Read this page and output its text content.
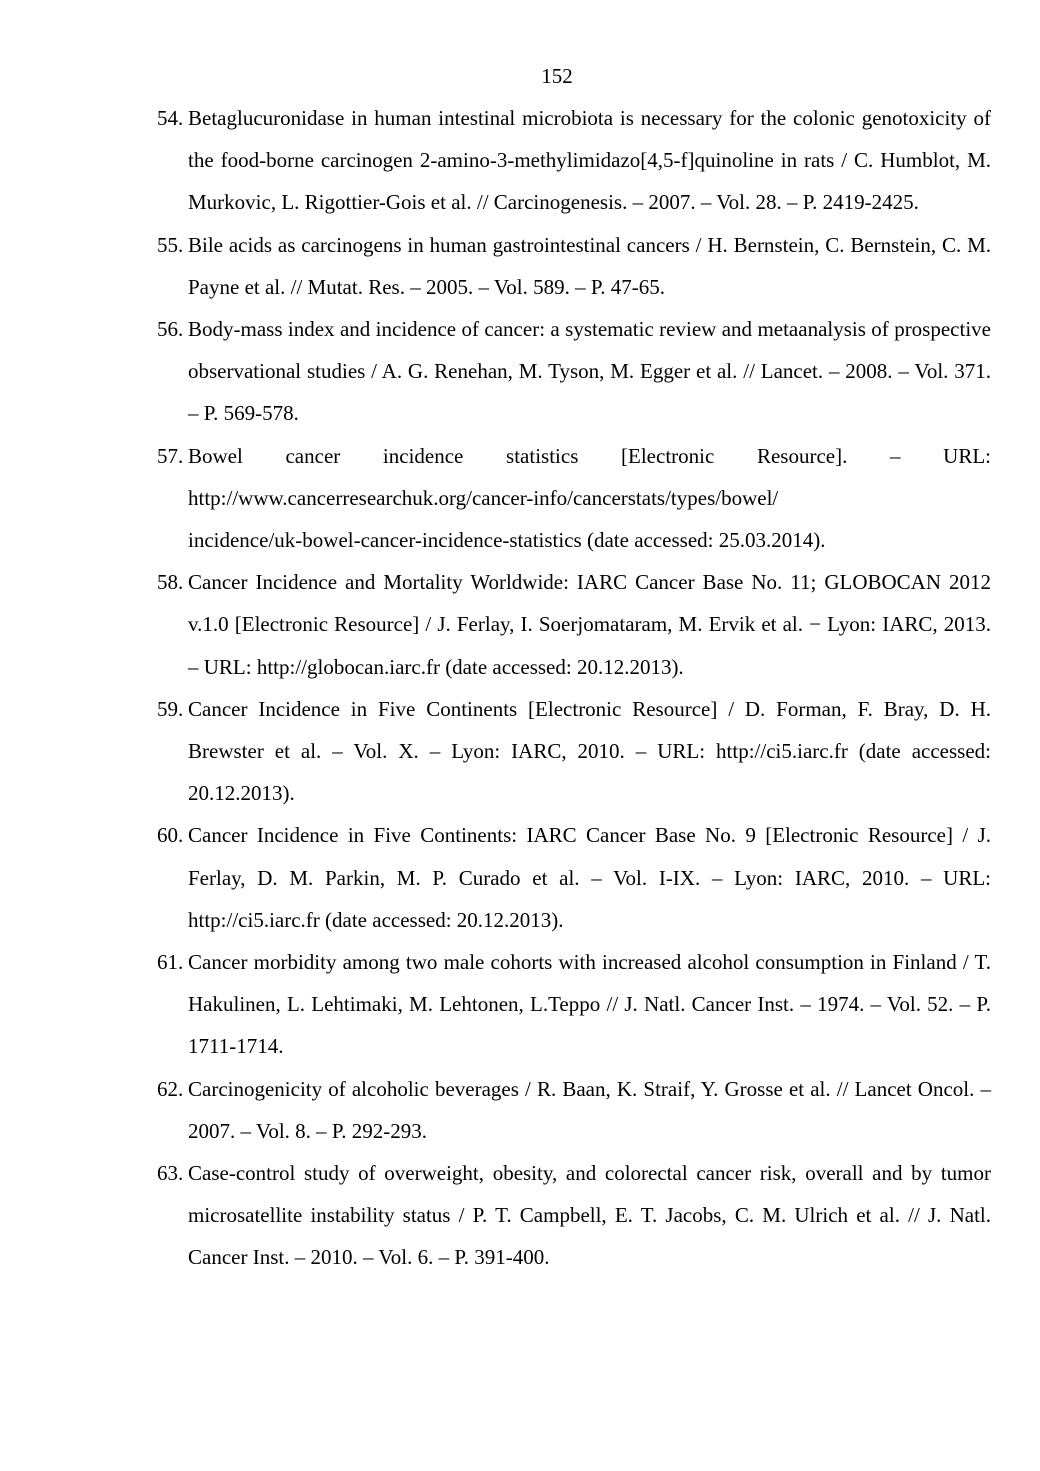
152
54. Betaglucuronidase in human intestinal microbiota is necessary for the colonic genotoxicity of the food-borne carcinogen 2-amino-3-methylimidazo[4,5-f]quinoline in rats / C. Humblot, M. Murkovic, L. Rigottier-Gois et al. // Carcinogenesis. – 2007. – Vol. 28. – P. 2419-2425.
55. Bile acids as carcinogens in human gastrointestinal cancers / H. Bernstein, C. Bernstein, C. M. Payne et al. // Mutat. Res. – 2005. – Vol. 589. – P. 47-65.
56. Body-mass index and incidence of cancer: a systematic review and metaanalysis of prospective observational studies / A. G. Renehan, M. Tyson, M. Egger et al. // Lancet. – 2008. – Vol. 371. – P. 569-578.
57. Bowel cancer incidence statistics [Electronic Resource]. – URL:
http://www.cancerresearchuk.org/cancer-info/cancerstats/types/bowel/
incidence/uk-bowel-cancer-incidence-statistics (date accessed: 25.03.2014).
58. Cancer Incidence and Mortality Worldwide: IARC Cancer Base No. 11; GLOBOCAN 2012 v.1.0 [Electronic Resource] / J. Ferlay, I. Soerjomataram, M. Ervik et al. − Lyon: IARC, 2013. – URL: http://globocan.iarc.fr (date accessed: 20.12.2013).
59. Cancer Incidence in Five Continents [Electronic Resource] / D. Forman, F. Bray, D. H. Brewster et al. – Vol. X. – Lyon: IARC, 2010. – URL: http://ci5.iarc.fr (date accessed: 20.12.2013).
60. Cancer Incidence in Five Continents: IARC Cancer Base No. 9 [Electronic Resource] / J. Ferlay, D. M. Parkin, M. P. Curado et al. – Vol. I-IX. – Lyon: IARC, 2010. – URL: http://ci5.iarc.fr (date accessed: 20.12.2013).
61. Cancer morbidity among two male cohorts with increased alcohol consumption in Finland / T. Hakulinen, L. Lehtimaki, M. Lehtonen, L.Teppo // J. Natl. Cancer Inst. – 1974. – Vol. 52. – P. 1711-1714.
62. Carcinogenicity of alcoholic beverages / R. Baan, K. Straif, Y. Grosse et al. // Lancet Oncol. – 2007. – Vol. 8. – P. 292-293.
63. Case-control study of overweight, obesity, and colorectal cancer risk, overall and by tumor microsatellite instability status / P. T. Campbell, E. T. Jacobs, C. M. Ulrich et al. // J. Natl. Cancer Inst. – 2010. – Vol. 6. – P. 391-400.
